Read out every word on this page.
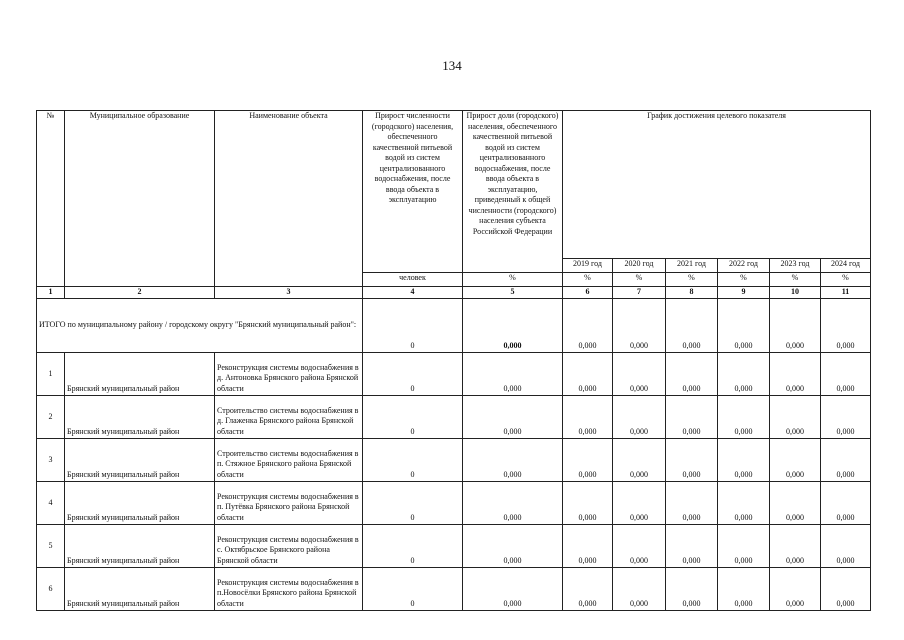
134
№	Муниципальное образование	Наименование объекта	Прирост численности (городского) населения, обеспеченного качественной питьевой водой из систем централизованного водоснабжения, после ввода объекта в эксплуатацию	Прирост доли (городского) населения, обеспеченного качественной питьевой водой из систем централизованного водоснабжения, после ввода объекта в эксплуатацию, приведенный к общей численности (городского) населения субъекта Российской Федерации	График достижения целевого показателя					
					2019 год	2020 год	2021 год	2022 год	2023 год	2024 год
			человек	%	%	%	%	%	%	%
1	2	3	4	5	6	7	8	9	10	11
ИТОГО по муниципальному району / городскому округу "Брянский муниципальный район":			0	0,000	0,000	0,000	0,000	0,000	0,000	0,000
1	Брянский муниципальный район	Реконструкция системы водоснабжения в д. Антоновка Брянского района Брянской области	0	0,000	0,000	0,000	0,000	0,000	0,000	0,000
2	Брянский муниципальный район	Строительство системы водоснабжения в д. Глаженка Брянского района Брянской области	0	0,000	0,000	0,000	0,000	0,000	0,000	0,000
3	Брянский муниципальный район	Строительство системы водоснабжения в п. Стяжное Брянского района Брянской области	0	0,000	0,000	0,000	0,000	0,000	0,000	0,000
4	Брянский муниципальный район	Реконструкция системы водоснабжения в п. Путёвка Брянского района Брянской области	0	0,000	0,000	0,000	0,000	0,000	0,000	0,000
5	Брянский муниципальный район	Реконструкция системы водоснабжения в с. Октябрьское Брянского района Брянской области	0	0,000	0,000	0,000	0,000	0,000	0,000	0,000
6	Брянский муниципальный район	Реконструкция системы водоснабжения в п.Новосёлки Брянского района Брянской области	0	0,000	0,000	0,000	0,000	0,000	0,000	0,000
